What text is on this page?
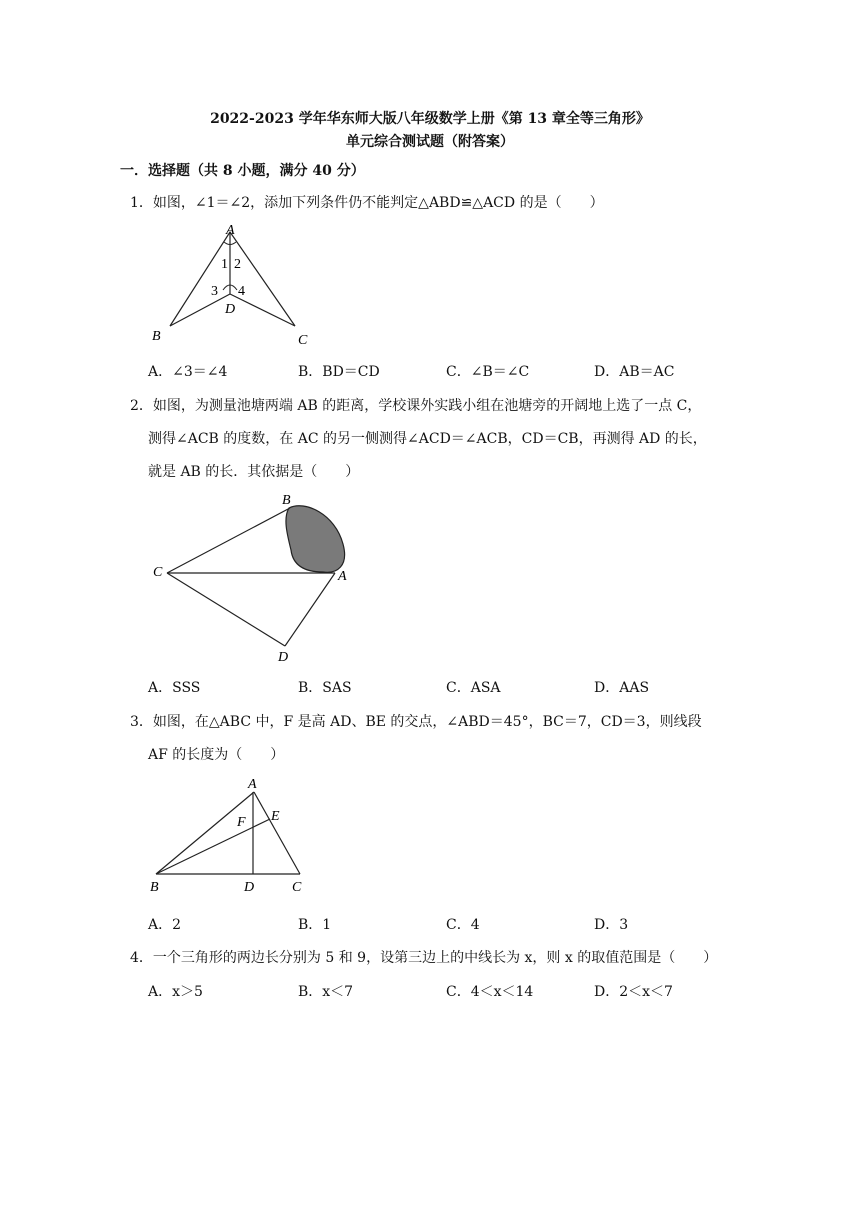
2022-2023 学年华东师大版八年级数学上册《第 13 章全等三角形》
单元综合测试题（附答案）
一．选择题（共 8 小题，满分 40 分）
1．如图，∠1＝∠2，添加下列条件仍不能判定△ABD≌△ACD 的是（　　）
A
B	C
D
1 2
3 4
A．∠3＝∠4	B．BD＝CD	C．∠B＝∠C	D．AB＝AC
2．如图，为测量池塘两端 AB 的距离，学校课外实践小组在池塘旁的开阔地上选了一点 C，
测得∠ACB 的度数，在 AC 的另一侧测得∠ACD＝∠ACB，CD＝CB，再测得 AD 的长，
就是 AB 的长．其依据是（　　）
B
C	A
D
A．SSS	B．SAS	C．ASA	D．AAS
3．如图，在△ABC 中，F 是高 AD、BE 的交点，∠ABD＝45°，BC＝7，CD＝3，则线段
AF 的长度为（　　）
A
B	C
D
E
F
A．2	B．1	C．4	D．3
4．一个三角形的两边长分别为 5 和 9，设第三边上的中线长为 x，则 x 的取值范围是（　　）
A．x＞5	B．x＜7	C．4＜x＜14	D．2＜x＜7
